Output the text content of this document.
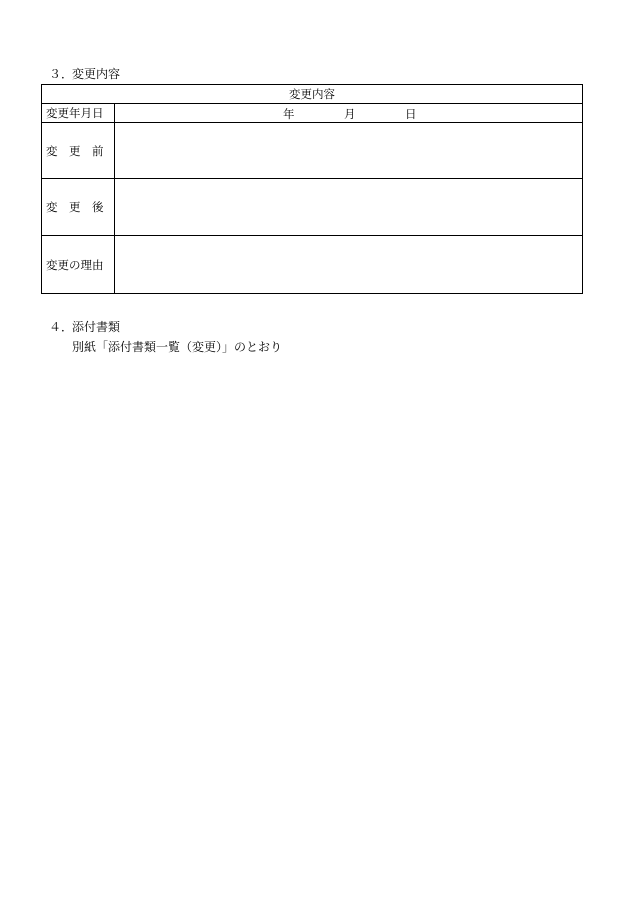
３．変更内容
変更内容	
変更年月日	年 月 日

変　更　前	
変　更　後	
変更の理由	
４．添付書類
別紙「添付書類一覧（変更）」のとおり
